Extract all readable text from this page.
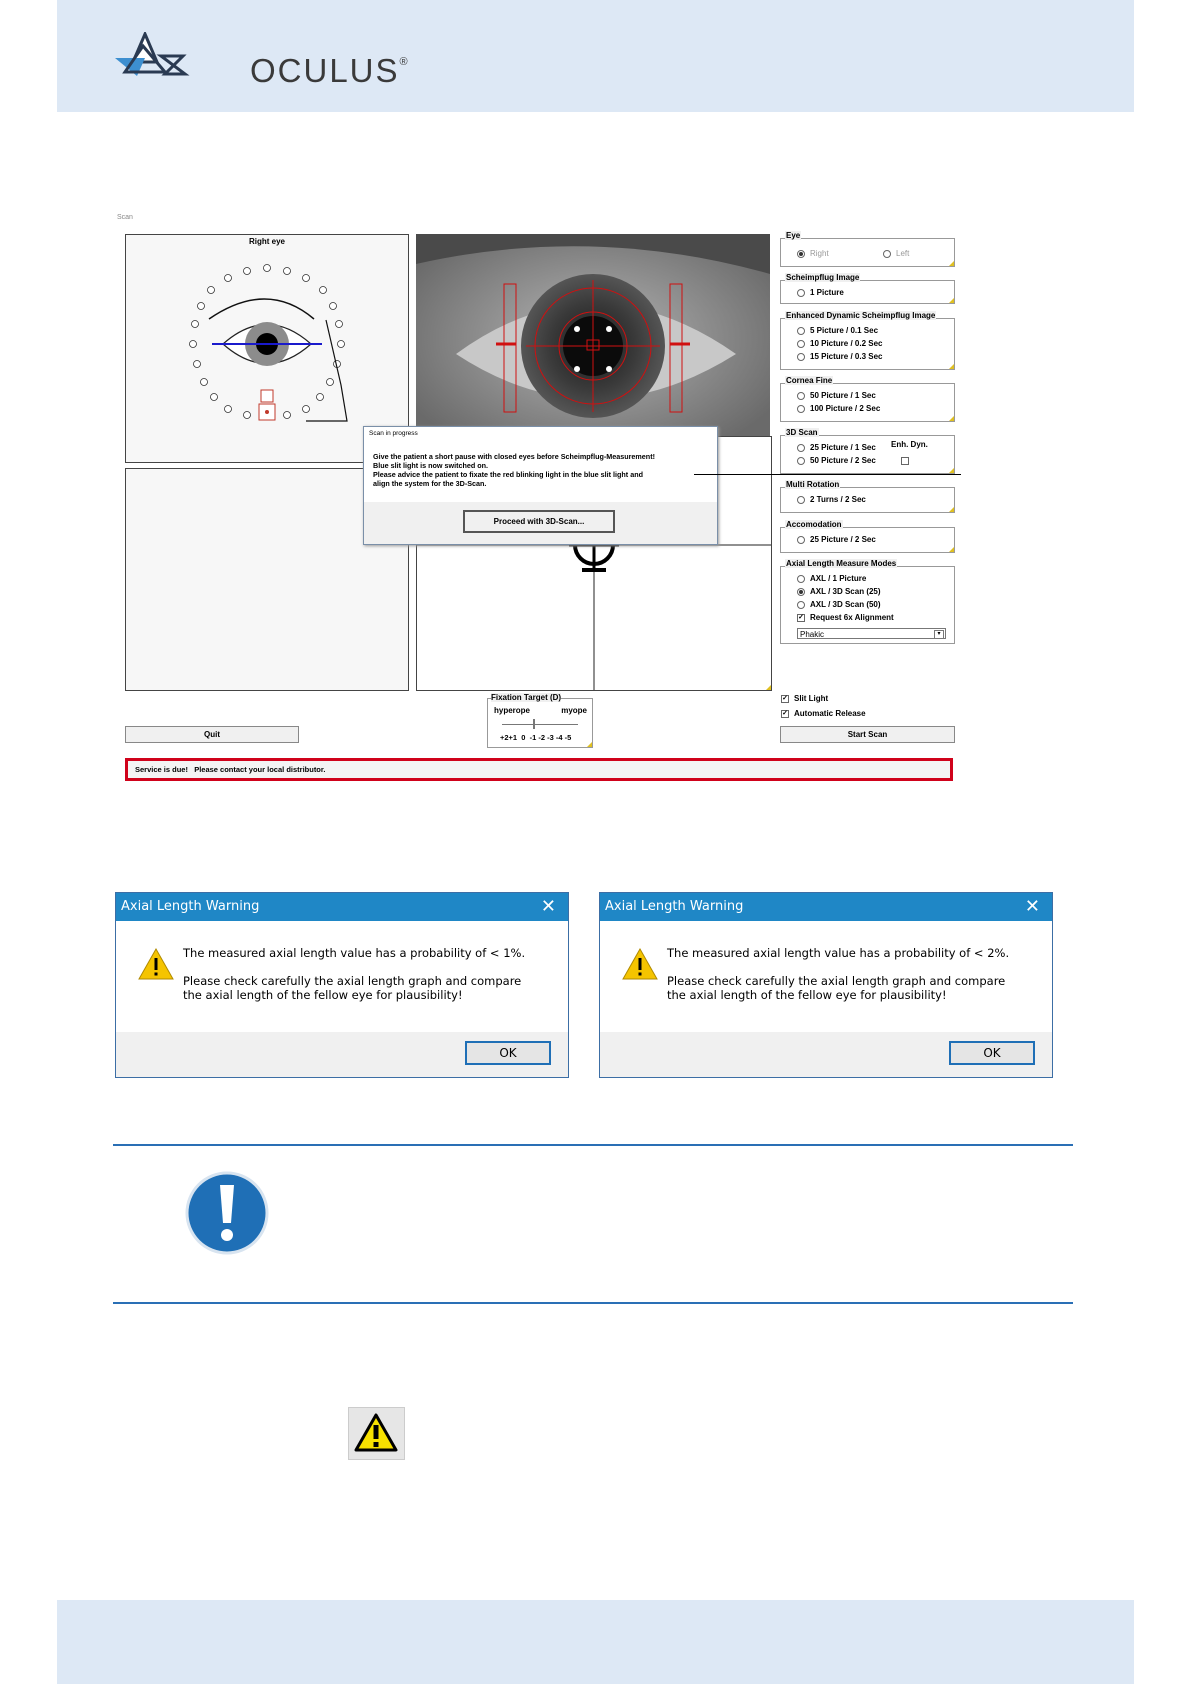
OCULUS®
Scan
Right eye
Scan in progress
Give the patient a short pause with closed eyes before Scheimpflug-Measurement!
Blue slit light is now switched on.
Please advice the patient to fixate the red blinking light in the blue slit light and
align the system for the 3D-Scan.
Proceed with 3D-Scan...
Eye
Right	Left
Scheimpflug Image
1 Picture
Enhanced Dynamic Scheimpflug Image
5 Picture / 0.1 Sec
10 Picture / 0.2 Sec
15 Picture / 0.3 Sec
Cornea Fine
50 Picture / 1 Sec
100 Picture / 2 Sec
3D Scan
25 Picture / 1 Sec
50 Picture / 2 Sec
Enh. Dyn.
Multi Rotation
2 Turns / 2 Sec
Accomodation
25 Picture / 2 Sec
Axial Length Measure Modes
AXL / 1 Picture
AXL / 3D Scan (25)
AXL / 3D Scan (50)
✓ Request 6x Alignment
Phakic	▾
✓ Slit Light
✓ Automatic Release
Fixation Target (D)
hyperope	myope
+2+1  0  -1 -2 -3 -4 -5
Quit	Start Scan
Service is due!   Please contact your local distributor.
Axial Length Warning	✕
The measured axial length value has a probability of < 1%.
Please check carefully the axial length graph and compare the axial length of the fellow eye for plausibility!
OK
Axial Length Warning	✕
The measured axial length value has a probability of < 2%.
Please check carefully the axial length graph and compare the axial length of the fellow eye for plausibility!
OK
